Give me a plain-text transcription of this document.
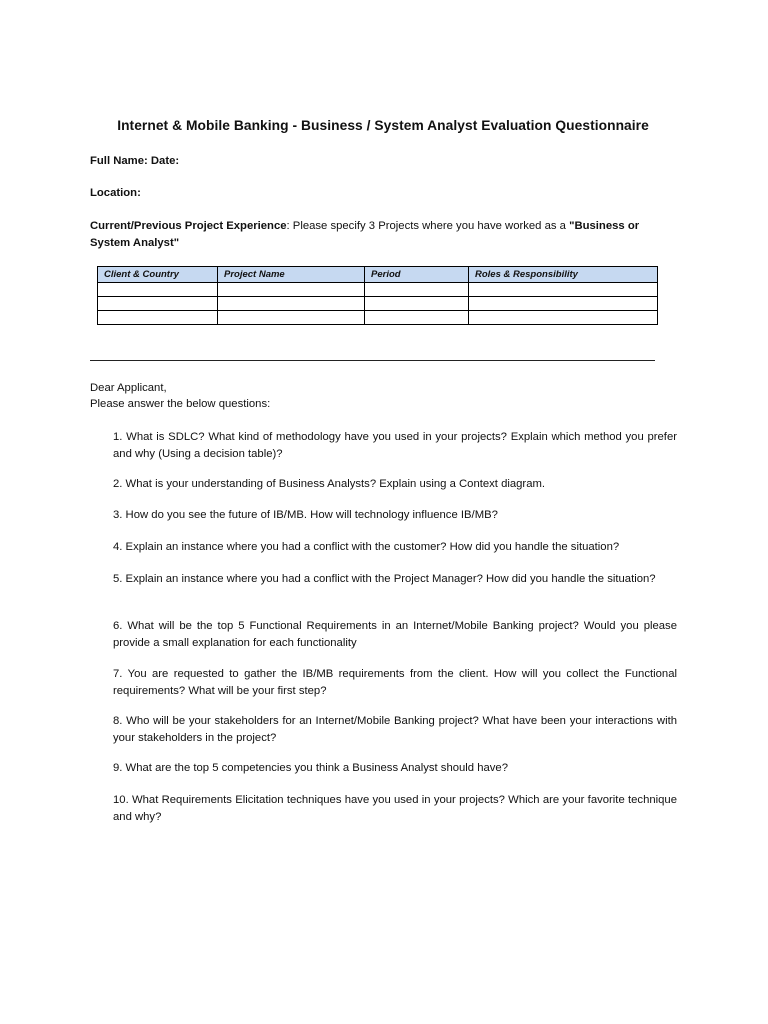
Internet & Mobile Banking - Business / System Analyst Evaluation Questionnaire
Full Name: Date:
Location:
Current/Previous Project Experience: Please specify 3 Projects where you have worked as a "Business or System Analyst"
Client & Country	Project Name	Period	Roles & Responsibility

Dear Applicant,
Please answer the below questions:
1. What is SDLC? What kind of methodology have you used in your projects? Explain which method you prefer and why (Using a decision table)?
2. What is your understanding of Business Analysts? Explain using a Context diagram.
3. How do you see the future of IB/MB. How will technology influence IB/MB?
4. Explain an instance where you had a conflict with the customer? How did you handle the situation?
5. Explain an instance where you had a conflict with the Project Manager? How did you handle the situation?
6. What will be the top 5 Functional Requirements in an Internet/Mobile Banking project? Would you please provide a small explanation for each functionality
7. You are requested to gather the IB/MB requirements from the client. How will you collect the Functional requirements? What will be your first step?
8. Who will be your stakeholders for an Internet/Mobile Banking project? What have been your interactions with your stakeholders in the project?
9. What are the top 5 competencies you think a Business Analyst should have?
10. What Requirements Elicitation techniques have you used in your projects? Which are your favorite technique and why?
